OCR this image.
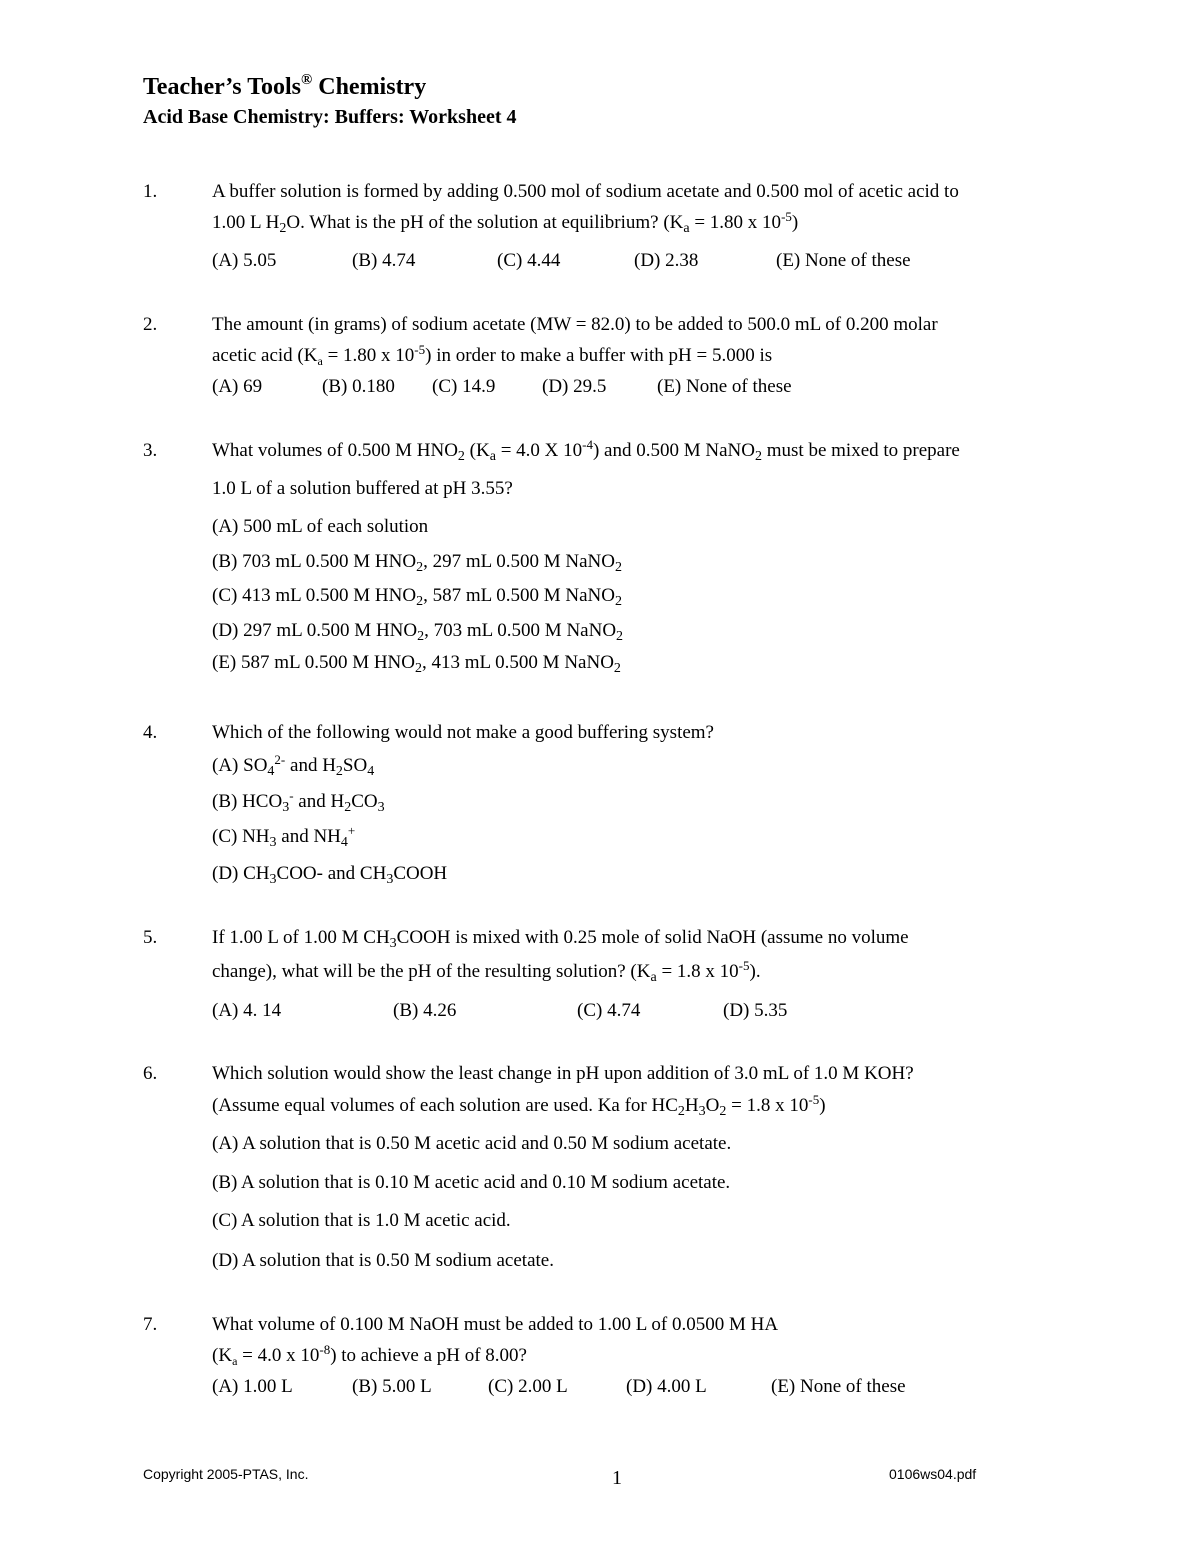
Teacher’s Tools® Chemistry
Acid Base Chemistry: Buffers: Worksheet 4
1.	A buffer solution is formed by adding 0.500 mol of sodium acetate and 0.500 mol of acetic acid to
1.00 L $H_2O$. What is the pH of the solution at equilibrium? ($K_a = 1.80$ x $10^{-5}$)
(A) 5.05	(B) 4.74	(C) 4.44	(D) 2.38	(E) None of these
2.	The amount (in grams) of sodium acetate (MW = 82.0) to be added to 500.0 mL of 0.200 molar
acetic acid ($K_a = 1.80$ x $10^{-5}$) in order to make a buffer with pH = 5.000 is
(A) 69	(B) 0.180 (C) 14.9 (D) 29.5	(E) None of these
3.	What volumes of 0.500 M $HNO_2$ ($K_a = 4.0$ X $10^{-4}$) and 0.500 M NaNO$_2$ must be mixed to prepare
1.0 L of a solution buffered at pH 3.55?
(A) 500 mL of each solution
(B) 703 mL 0.500 M $HNO_2$, 297 mL 0.500 M NaNO$_2$
(C) 413 mL 0.500 M $HNO_2$, 587 mL 0.500 M NaNO$_2$
(D) 297 mL 0.500 M $HNO_2$, 703 mL 0.500 M NaNO$_2$
(E) 587 mL 0.500 M $HNO_2$, 413 mL 0.500 M NaNO$_2$
4.	Which of the following would not make a good buffering system?
(A) $SO_4^{2-}$ and $H_2SO_4$
(B) $HCO_3^-$ and $H_2CO_3$
(C) $NH_3$ and $NH_4^+$
(D) $CH_3COO-$ and $CH_3COOH$
5.	If 1.00 L of 1.00 M $CH_3COOH$ is mixed with 0.25 mole of solid NaOH (assume no volume
change), what will be the pH of the resulting solution? ($K_a = 1.8$ x $10^{-5}$).
(A) 4. 14	(B) 4.26	(C) 4.74	(D) 5.35
6.	Which solution would show the least change in pH upon addition of 3.0 mL of 1.0 M KOH?
(Assume equal volumes of each solution are used. Ka for $HC_2H_3O_2 = 1.8$ x $10^{-5}$)
(A) A solution that is 0.50 M acetic acid and 0.50 M sodium acetate.
(B) A solution that is 0.10 M acetic acid and 0.10 M sodium acetate.
(C) A solution that is 1.0 M acetic acid.
(D) A solution that is 0.50 M sodium acetate.
7.	What volume of 0.100 M NaOH must be added to 1.00 L of 0.0500 M HA
($K_a = 4.0$ x $10^{-8}$) to achieve a pH of 8.00?
(A) 1.00 L	(B) 5.00 L	(C) 2.00 L	(D) 4.00 L	(E) None of these
Copyright 2005-PTAS, Inc.	1	0106ws04.pdf
